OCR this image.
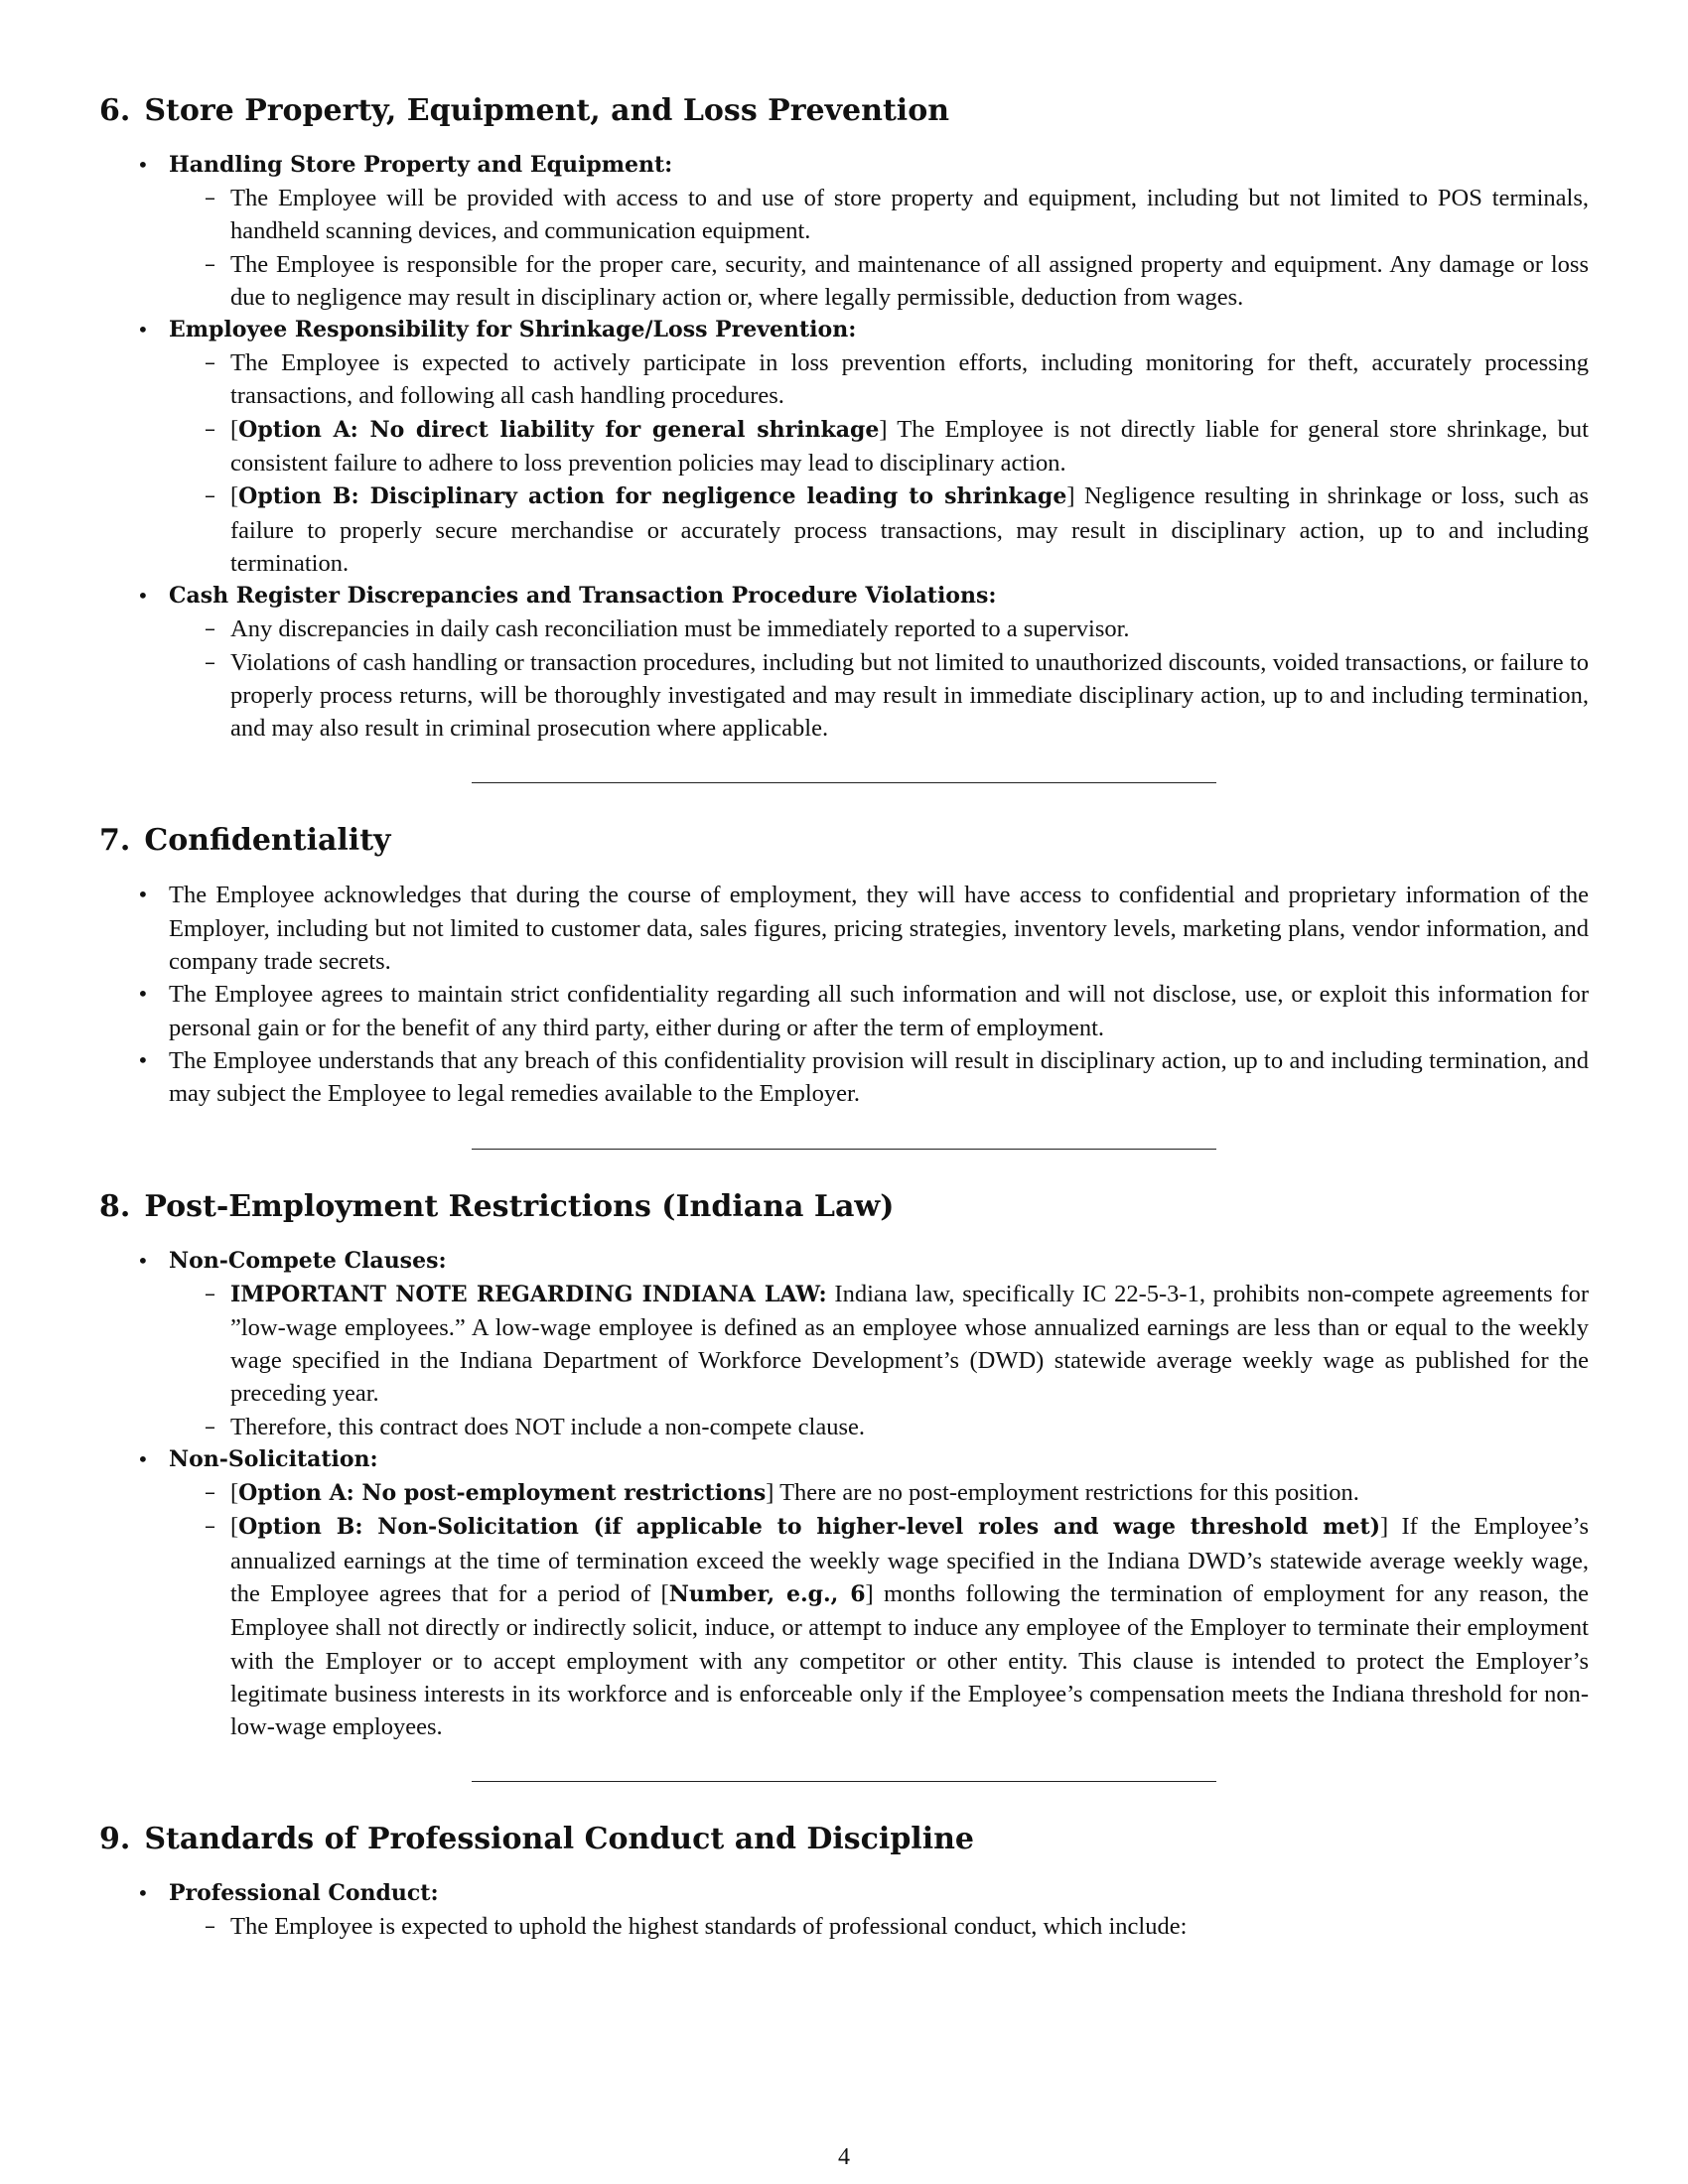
6. Store Property, Equipment, and Loss Prevention
• Handling Store Property and Equipment:
– The Employee will be provided with access to and use of store property and equipment, including but not limited to POS terminals, handheld scanning devices, and communication equipment.
– The Employee is responsible for the proper care, security, and maintenance of all assigned property and equipment. Any damage or loss due to negligence may result in disciplinary action or, where legally permissible, deduction from wages.
• Employee Responsibility for Shrinkage/Loss Prevention:
– The Employee is expected to actively participate in loss prevention efforts, including monitoring for theft, accurately processing transactions, and following all cash handling procedures.
– [Option A: No direct liability for general shrinkage] The Employee is not directly liable for general store shrinkage, but consistent failure to adhere to loss prevention policies may lead to disciplinary action.
– [Option B: Disciplinary action for negligence leading to shrinkage] Negligence resulting in shrinkage or loss, such as failure to properly secure merchandise or accurately process transactions, may result in disciplinary action, up to and including termination.
• Cash Register Discrepancies and Transaction Procedure Violations:
– Any discrepancies in daily cash reconciliation must be immediately reported to a supervisor.
– Violations of cash handling or transaction procedures, including but not limited to unauthorized discounts, voided transactions, or failure to properly process returns, will be thoroughly investigated and may result in immediate disciplinary action, up to and including termination, and may also result in criminal prosecution where applicable.
7. Confidentiality
• The Employee acknowledges that during the course of employment, they will have access to confidential and proprietary information of the Employer, including but not limited to customer data, sales figures, pricing strategies, inventory levels, marketing plans, vendor information, and company trade secrets.
• The Employee agrees to maintain strict confidentiality regarding all such information and will not disclose, use, or exploit this information for personal gain or for the benefit of any third party, either during or after the term of employment.
• The Employee understands that any breach of this confidentiality provision will result in disciplinary action, up to and including termination, and may subject the Employee to legal remedies available to the Employer.
8. Post-Employment Restrictions (Indiana Law)
• Non-Compete Clauses:
– IMPORTANT NOTE REGARDING INDIANA LAW: Indiana law, specifically IC 22-5-3-1, prohibits non-compete agreements for ”low-wage employees.” A low-wage employee is defined as an employee whose annualized earnings are less than or equal to the weekly wage specified in the Indiana Department of Workforce Development’s (DWD) statewide average weekly wage as published for the preceding year.
– Therefore, this contract does NOT include a non-compete clause.
• Non-Solicitation:
– [Option A: No post-employment restrictions] There are no post-employment restrictions for this position.
– [Option B: Non-Solicitation (if applicable to higher-level roles and wage threshold met)] If the Employee’s annualized earnings at the time of termination exceed the weekly wage specified in the Indiana DWD’s statewide average weekly wage, the Employee agrees that for a period of [Number, e.g., 6] months following the termination of employment for any reason, the Employee shall not directly or indirectly solicit, induce, or attempt to induce any employee of the Employer to terminate their employment with the Employer or to accept employment with any competitor or other entity. This clause is intended to protect the Employer’s legitimate business interests in its workforce and is enforceable only if the Employee’s compensation meets the Indiana threshold for non-low-wage employees.
9. Standards of Professional Conduct and Discipline
• Professional Conduct:
– The Employee is expected to uphold the highest standards of professional conduct, which include:
4
